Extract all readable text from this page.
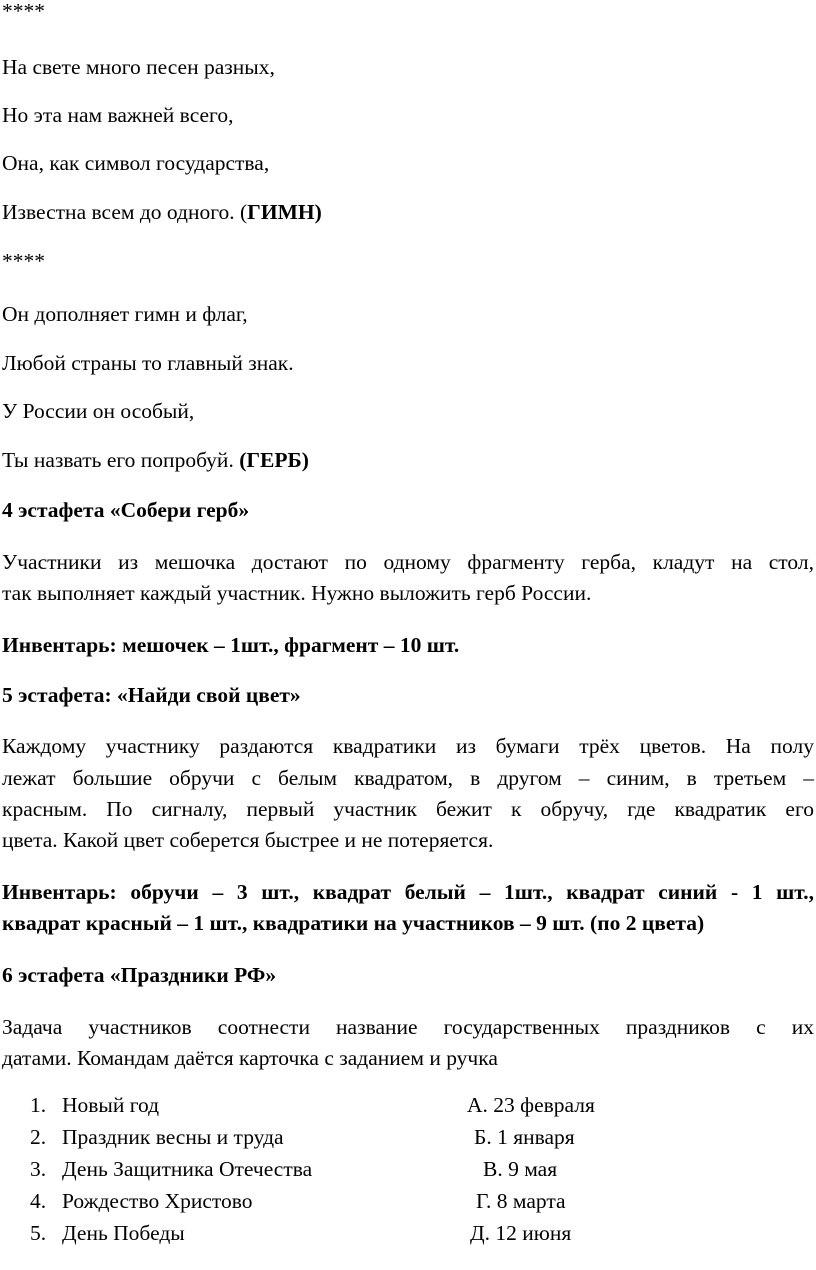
****
На свете много песен разных,
Но эта нам важней всего,
Она, как символ государства,
Известна всем до одного. (ГИМН)
****
Он дополняет гимн и флаг,
Любой страны то главный знак.
У России он особый,
Ты назвать его попробуй. (ГЕРБ)
4 эстафета «Собери герб»
Участники из мешочка достают по одному фрагменту герба, кладут на стол,
так выполняет каждый участник. Нужно выложить герб России.
Инвентарь: мешочек – 1шт., фрагмент – 10 шт.
5 эстафета: «Найди свой цвет»
Каждому участнику раздаются квадратики из бумаги трёх цветов. На полу
лежат большие обручи с белым квадратом, в другом – синим, в третьем –
красным. По сигналу, первый участник бежит к обручу, где квадратик его
цвета. Какой цвет соберется быстрее и не потеряется.
Инвентарь: обручи – 3 шт., квадрат белый – 1шт., квадрат синий - 1 шт.,
квадрат красный – 1 шт., квадратики на участников – 9 шт. (по 2 цвета)
6 эстафета «Праздники РФ»
Задача участников соотнести название государственных праздников с их
датами. Командам даётся карточка с заданием и ручка
1. Новый год	А. 23 февраля
2. Праздник весны и труда	Б. 1 января
3. День Защитника Отечества	В. 9 мая
4. Рождество Христово	Г. 8 марта
5. День Победы	Д. 12 июня
